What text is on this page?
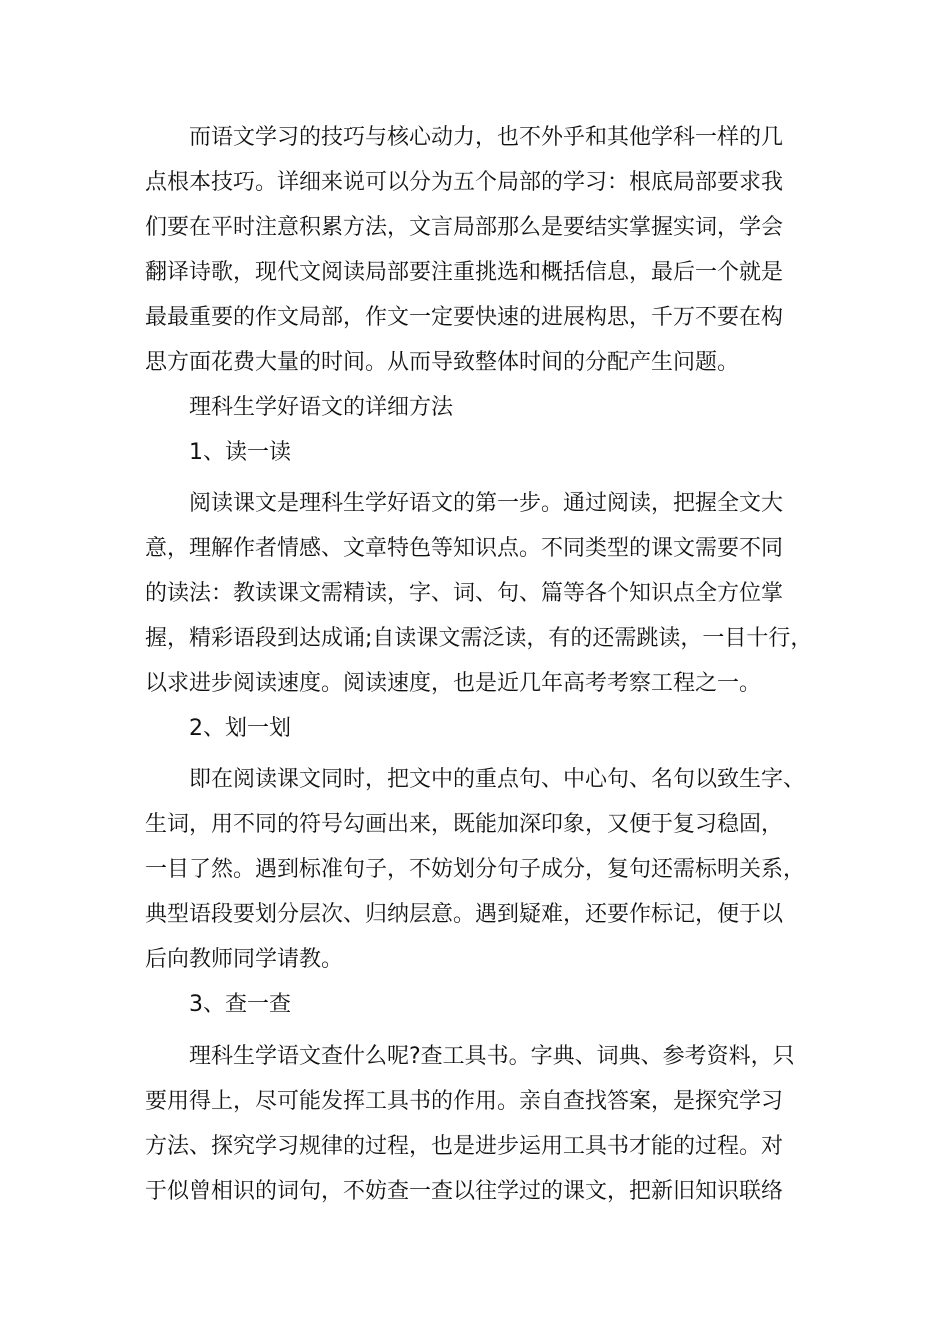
而语文学习的技巧与核心动力，也不外乎和其他学科一样的几
点根本技巧。详细来说可以分为五个局部的学习：根底局部要求我
们要在平时注意积累方法，文言局部那么是要结实掌握实词，学会
翻译诗歌，现代文阅读局部要注重挑选和概括信息，最后一个就是
最最重要的作文局部，作文一定要快速的进展构思，千万不要在构
思方面花费大量的时间。从而导致整体时间的分配产生问题。
理科生学好语文的详细方法
1、读一读
阅读课文是理科生学好语文的第一步。通过阅读，把握全文大
意，理解作者情感、文章特色等知识点。不同类型的课文需要不同
的读法：教读课文需精读，字、词、句、篇等各个知识点全方位掌
握，精彩语段到达成诵;自读课文需泛读，有的还需跳读，一目十行，
以求进步阅读速度。阅读速度，也是近几年高考考察工程之一。
2、划一划
即在阅读课文同时，把文中的重点句、中心句、名句以致生字、
生词，用不同的符号勾画出来，既能加深印象，又便于复习稳固，
一目了然。遇到标准句子，不妨划分句子成分，复句还需标明关系，
典型语段要划分层次、归纳层意。遇到疑难，还要作标记，便于以
后向教师同学请教。
3、查一查
理科生学语文查什么呢?查工具书。字典、词典、参考资料，只
要用得上，尽可能发挥工具书的作用。亲自查找答案，是探究学习
方法、探究学习规律的过程，也是进步运用工具书才能的过程。对
于似曾相识的词句，不妨查一查以往学过的课文，把新旧知识联络
